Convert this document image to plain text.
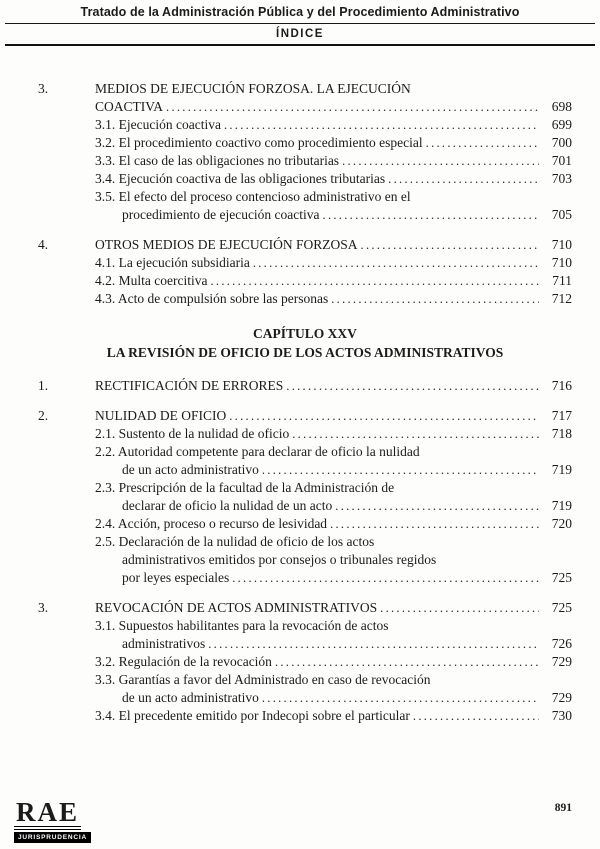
Tratado de la Administración Pública y del Procedimiento Administrativo
ÍNDICE
3.	MEDIOS DE EJECUCIÓN FORZOSA. LA EJECUCIÓN
COACTIVA .....	698
3.1. Ejecución coactiva .....	699
3.2. El procedimiento coactivo como procedimiento especial .....	700
3.3. El caso de las obligaciones no tributarias .....	701
3.4. Ejecución coactiva de las obligaciones tributarias .....	703
3.5. El efecto del proceso contencioso administrativo en el
procedimiento de ejecución coactiva .....	705
4.	OTROS MEDIOS DE EJECUCIÓN FORZOSA .....	710
4.1. La ejecución subsidiaria .....	710
4.2. Multa coercitiva .....	711
4.3. Acto de compulsión sobre las personas .....	712
CAPÍTULO XXV
LA REVISIÓN DE OFICIO DE LOS ACTOS ADMINISTRATIVOS
1.	RECTIFICACIÓN DE ERRORES .....	716
2.	NULIDAD DE OFICIO .....	717
2.1. Sustento de la nulidad de oficio .....	718
2.2. Autoridad competente para declarar de oficio la nulidad
de un acto administrativo .....	719
2.3. Prescripción de la facultad de la Administración de
declarar de oficio la nulidad de un acto .....	719
2.4. Acción, proceso o recurso de lesividad .....	720
2.5. Declaración de la nulidad de oficio de los actos
administrativos emitidos por consejos o tribunales regidos
por leyes especiales .....	725
3.	REVOCACIÓN DE ACTOS ADMINISTRATIVOS .....	725
3.1. Supuestos habilitantes para la revocación de actos
administrativos .....	726
3.2. Regulación de la revocación .....	729
3.3. Garantías a favor del Administrado en caso de revocación
de un acto administrativo .....	729
3.4. El precedente emitido por Indecopi sobre el particular .....	730
RAE
JURISPRUDENCIA
891
